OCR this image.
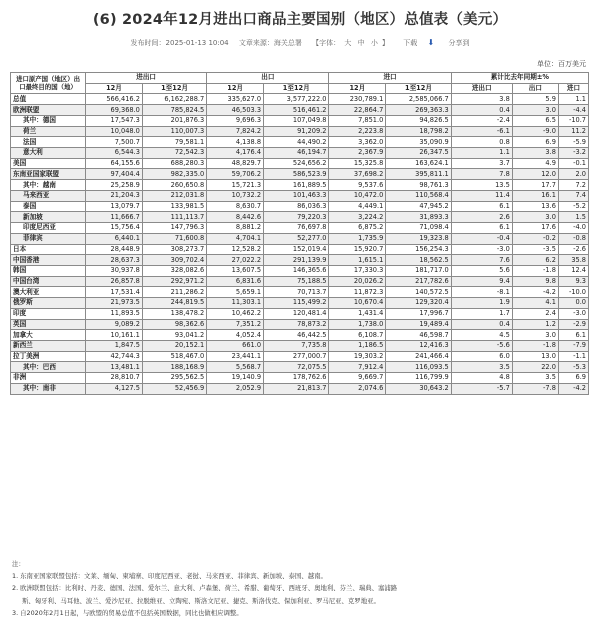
(6) 2024年12月进出口商品主要国别（地区）总值表（美元）
发布时间：2025-01-13 10:04 文章来源：海关总署 【字体： 大 中 小 】 下载 ⬇ 分享到
单位：百万美元
进口原产国（地区）出口最终目的国（地）	进出口		出口		进口		累计比去年同期±%		
	12月	1至12月	12月	1至12月	12月	1至12月	进出口	出口	进口
总值	566,416.2	6,162,288.7	335,627.0	3,577,222.0	230,789.1	2,585,066.7	3.8	5.9	1.1
欧洲联盟	69,368.0	785,824.5	46,503.3	516,461.2	22,864.7	269,363.3	0.4	3.0	-4.4
其中：德国	17,547.3	201,876.3	9,696.3	107,049.8	7,851.0	94,826.5	-2.4	6.5	-10.7
荷兰	10,048.0	110,007.3	7,824.2	91,209.2	2,223.8	18,798.2	-6.1	-9.0	11.2
法国	7,500.7	79,581.1	4,138.8	44,490.2	3,362.0	35,090.9	0.8	6.9	-5.9
意大利	6,544.3	72,542.3	4,176.4	46,194.7	2,367.9	26,347.5	1.1	3.8	-3.2
美国	64,155.6	688,280.3	48,829.7	524,656.2	15,325.8	163,624.1	3.7	4.9	-0.1
东南亚国家联盟	97,404.4	982,335.0	59,706.2	586,523.9	37,698.2	395,811.1	7.8	12.0	2.0
其中：越南	25,258.9	260,650.8	15,721.3	161,889.5	9,537.6	98,761.3	13.5	17.7	7.2
马来西亚	21,204.3	212,031.8	10,732.2	101,463.3	10,472.0	110,568.4	11.4	16.1	7.4
泰国	13,079.7	133,981.5	8,630.7	86,036.3	4,449.1	47,945.2	6.1	13.6	-5.2
新加坡	11,666.7	111,113.7	8,442.6	79,220.3	3,224.2	31,893.3	2.6	3.0	1.5
印度尼西亚	15,756.4	147,796.3	8,881.2	76,697.8	6,875.2	71,098.4	6.1	17.6	-4.0
菲律宾	6,440.1	71,600.8	4,704.1	52,277.0	1,735.9	19,323.8	-0.4	-0.2	-0.8
日本	28,448.9	308,273.7	12,528.2	152,019.4	15,920.7	156,254.3	-3.0	-3.5	-2.6
中国香港	28,637.3	309,702.4	27,022.2	291,139.9	1,615.1	18,562.5	7.6	6.2	35.8
韩国	30,937.8	328,082.6	13,607.5	146,365.6	17,330.3	181,717.0	5.6	-1.8	12.4
中国台湾	26,857.8	292,971.2	6,831.6	75,188.5	20,026.2	217,782.6	9.4	9.8	9.3
澳大利亚	17,531.4	211,286.2	5,659.1	70,713.7	11,872.3	140,572.5	-8.1	-4.2	-10.0
俄罗斯	21,973.5	244,819.5	11,303.1	115,499.2	10,670.4	129,320.4	1.9	4.1	0.0
印度	11,893.5	138,478.2	10,462.2	120,481.4	1,431.4	17,996.7	1.7	2.4	-3.0
英国	9,089.2	98,362.6	7,351.2	78,873.2	1,738.0	19,489.4	0.4	1.2	-2.9
加拿大	10,161.1	93,041.2	4,052.4	46,442.5	6,108.7	46,598.7	4.5	3.0	6.1
新西兰	1,847.5	20,152.1	661.0	7,735.8	1,186.5	12,416.3	-5.6	-1.8	-7.9
拉丁美洲	42,744.3	518,467.0	23,441.1	277,000.7	19,303.2	241,466.4	6.0	13.0	-1.1
其中：巴西	13,481.1	188,168.9	5,568.7	72,075.5	7,912.4	116,093.5	3.5	22.0	-5.3
非洲	28,810.7	295,562.5	19,140.9	178,762.6	9,669.7	116,799.9	4.8	3.5	6.9
其中：南非	4,127.5	52,456.9	2,052.9	21,813.7	2,074.6	30,643.2	-5.7	-7.8	-4.2

注：

1. 东南亚国家联盟包括：文莱、缅甸、柬埔寨、印度尼西亚、老挝、马来西亚、菲律宾、新加坡、泰国、越南。

2. 欧洲联盟包括：比利时、丹麦、德国、法国、爱尔兰、意大利、卢森堡、荷兰、希腊、葡萄牙、西班牙、奥地利、芬兰、瑞典、塞浦路

斯、匈牙利、马耳他、波兰、爱沙尼亚、拉脱维亚、立陶宛、斯洛文尼亚、捷克、斯洛伐克、保加利亚、罗马尼亚、克罗地亚。

3. 自2020年2月1日起，与欧盟的贸易总值不包括英国数据，同比也做相应调整。
